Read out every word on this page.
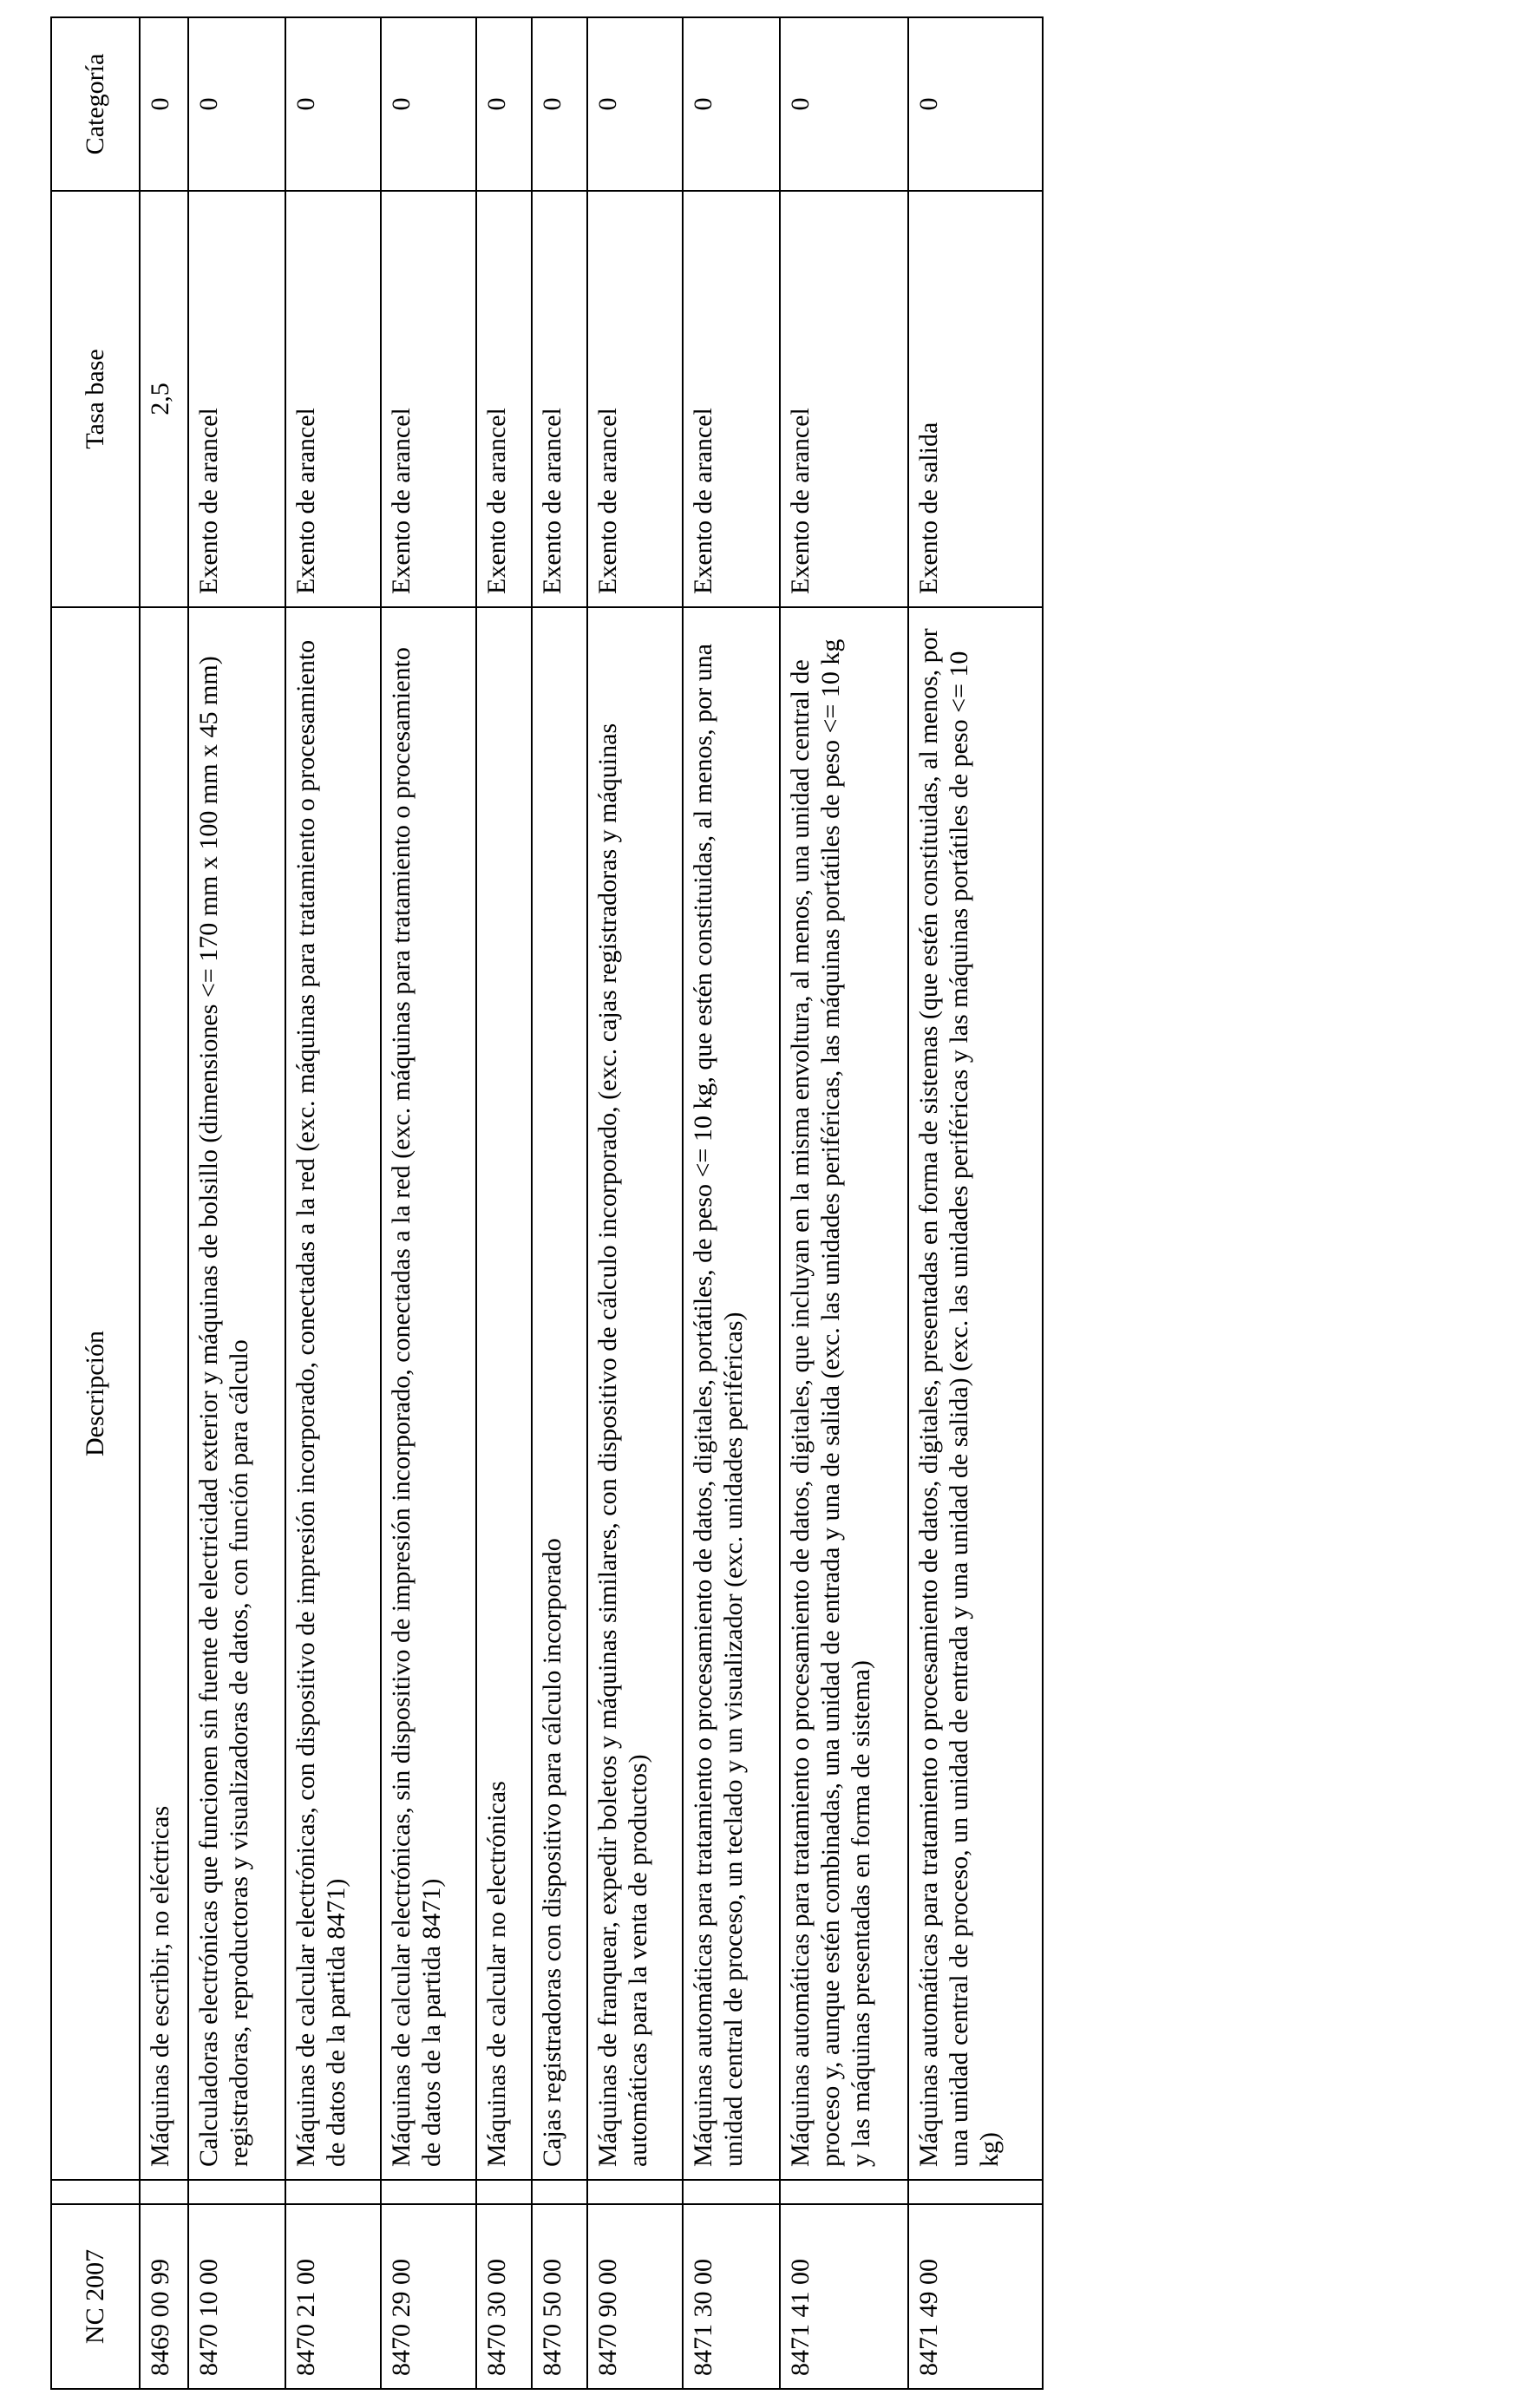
NC 2007		Descripción	Tasa base	Categoría
8469 00 99		Máquinas de escribir, no eléctricas	2,5	0
8470 10 00		Calculadoras electrónicas que funcionen sin fuente de electricidad exterior y máquinas de bolsillo (dimensiones <= 170 mm x 100 mm x 45 mm) registradoras, reproductoras y visualizadoras de datos, con función para cálculo	Exento de arancel	0
8470 21 00		Máquinas de calcular electrónicas, con dispositivo de impresión incorporado, conectadas a la red (exc. máquinas para tratamiento o procesamiento de datos de la partida 8471)	Exento de arancel	0
8470 29 00		Máquinas de calcular electrónicas, sin dispositivo de impresión incorporado, conectadas a la red (exc. máquinas para tratamiento o procesamiento de datos de la partida 8471)	Exento de arancel	0
8470 30 00		Máquinas de calcular no electrónicas	Exento de arancel	0
8470 50 00		Cajas registradoras con dispositivo para cálculo incorporado	Exento de arancel	0
8470 90 00		Máquinas de franquear, expedir boletos y máquinas similares, con dispositivo de cálculo incorporado, (exc. cajas registradoras y máquinas automáticas para la venta de productos)	Exento de arancel	0
8471 30 00		Máquinas automáticas para tratamiento o procesamiento de datos, digitales, portátiles, de peso <= 10 kg, que estén constituidas, al menos, por una unidad central de proceso, un teclado y un visualizador (exc. unidades periféricas)	Exento de arancel	0
8471 41 00		Máquinas automáticas para tratamiento o procesamiento de datos, digitales, que incluyan en la misma envoltura, al menos, una unidad central de proceso y, aunque estén combinadas, una unidad de entrada y una de salida (exc. las unidades periféricas, las máquinas portátiles de peso <= 10 kg y las máquinas presentadas en forma de sistema)	Exento de arancel	0
8471 49 00		Máquinas automáticas para tratamiento o procesamiento de datos, digitales, presentadas en forma de sistemas (que estén constituidas, al menos, por una unidad central de proceso, un unidad de entrada y una unidad de salida) (exc. las unidades periféricas y las máquinas portátiles de peso <= 10 kg)	Exento de salida	0
